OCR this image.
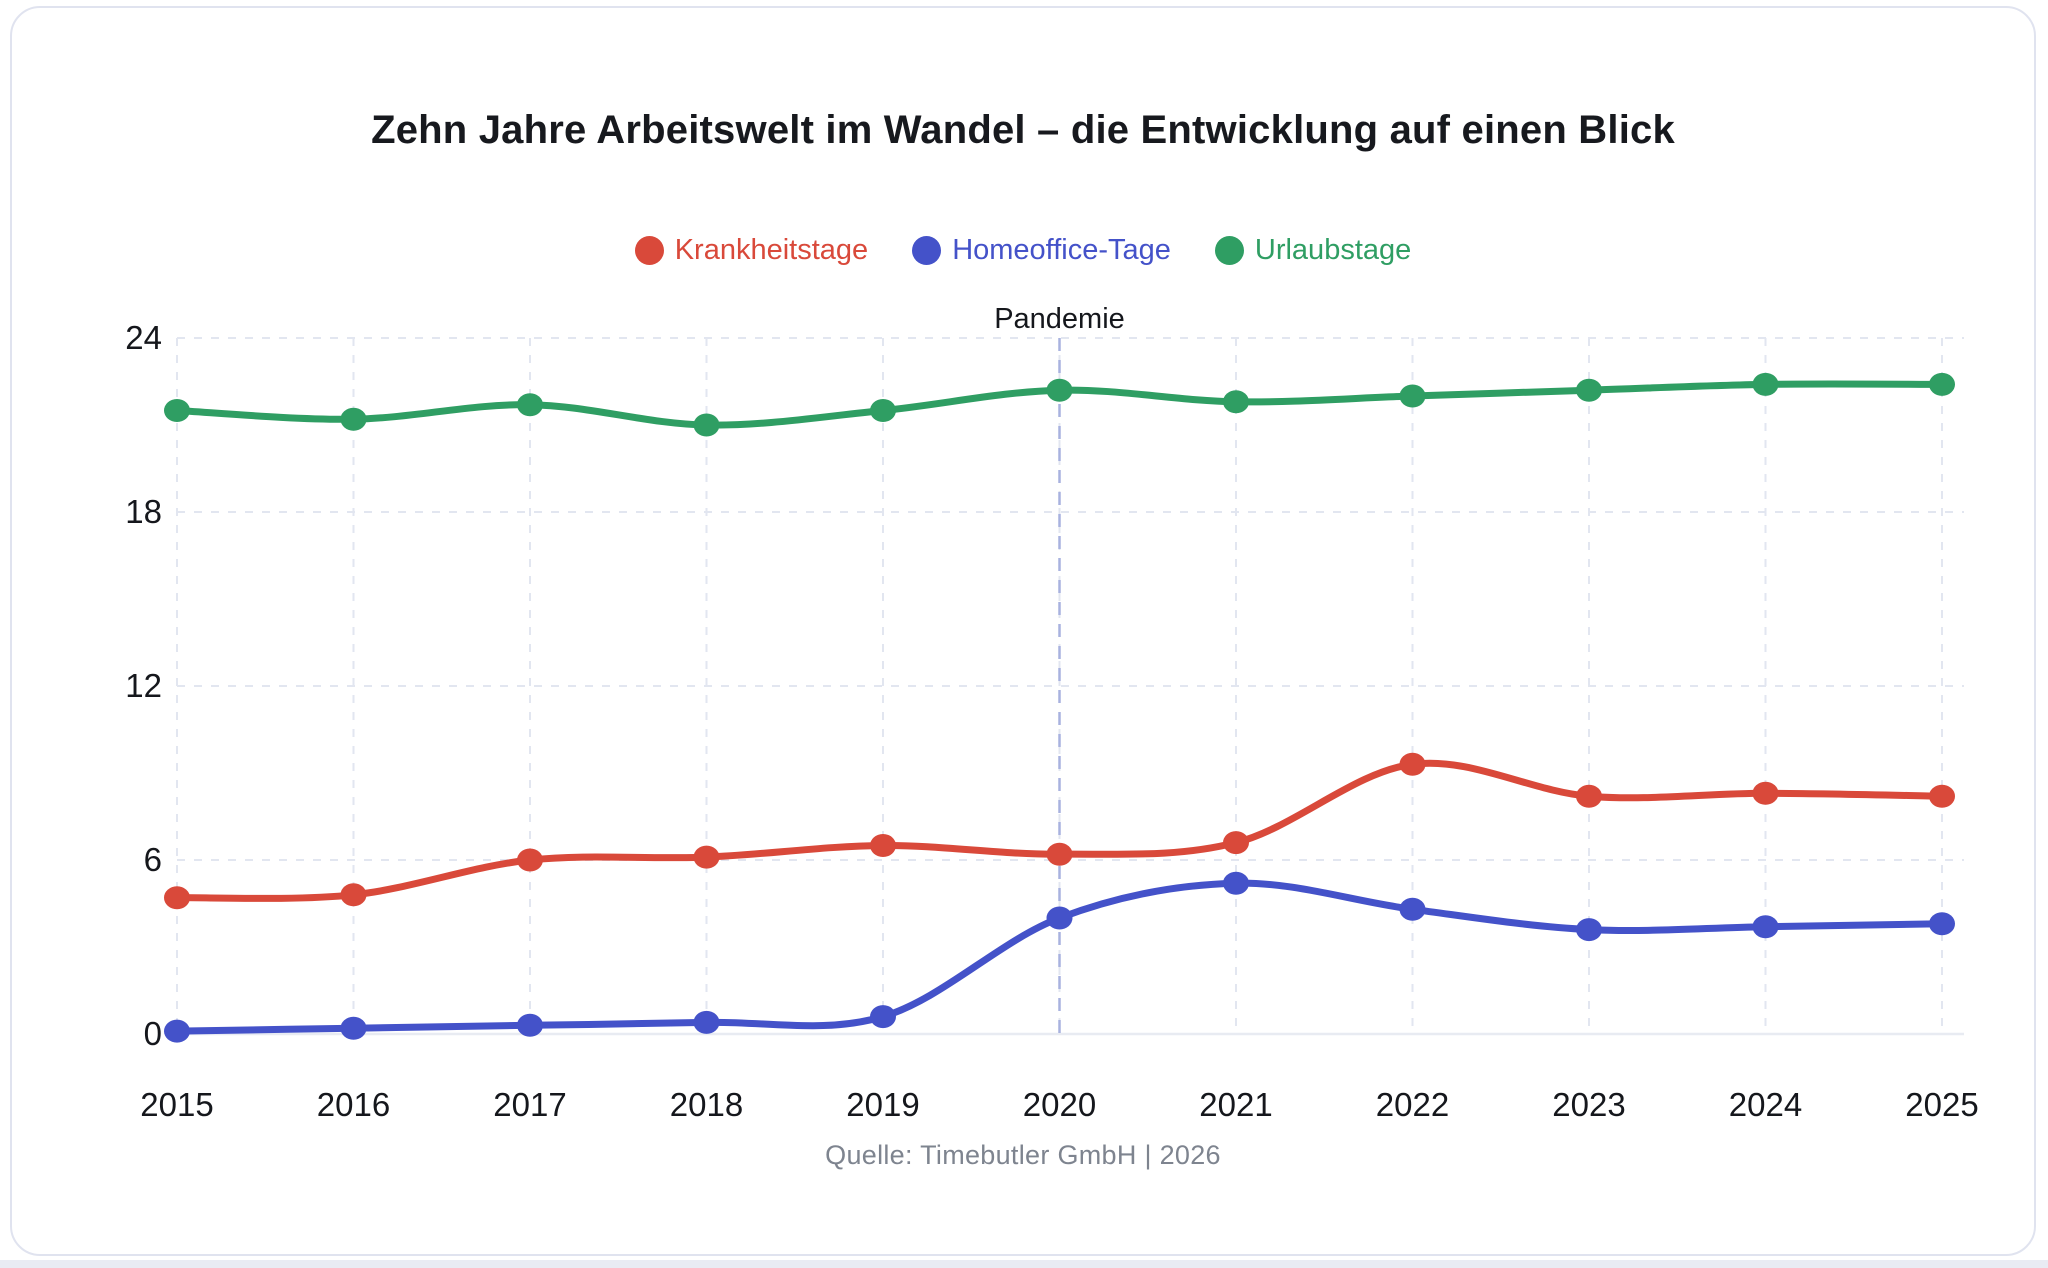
Zehn Jahre Arbeitswelt im Wandel – die Entwicklung auf einen Blick
Krankheitstage	Homeoffice-Tage	Urlaubstage
0
6
12
18
24
2015	2016	2017	2018	2019	2020	2021	2022	2023	2024	2025
Pandemie
Quelle: Timebutler GmbH | 2026
